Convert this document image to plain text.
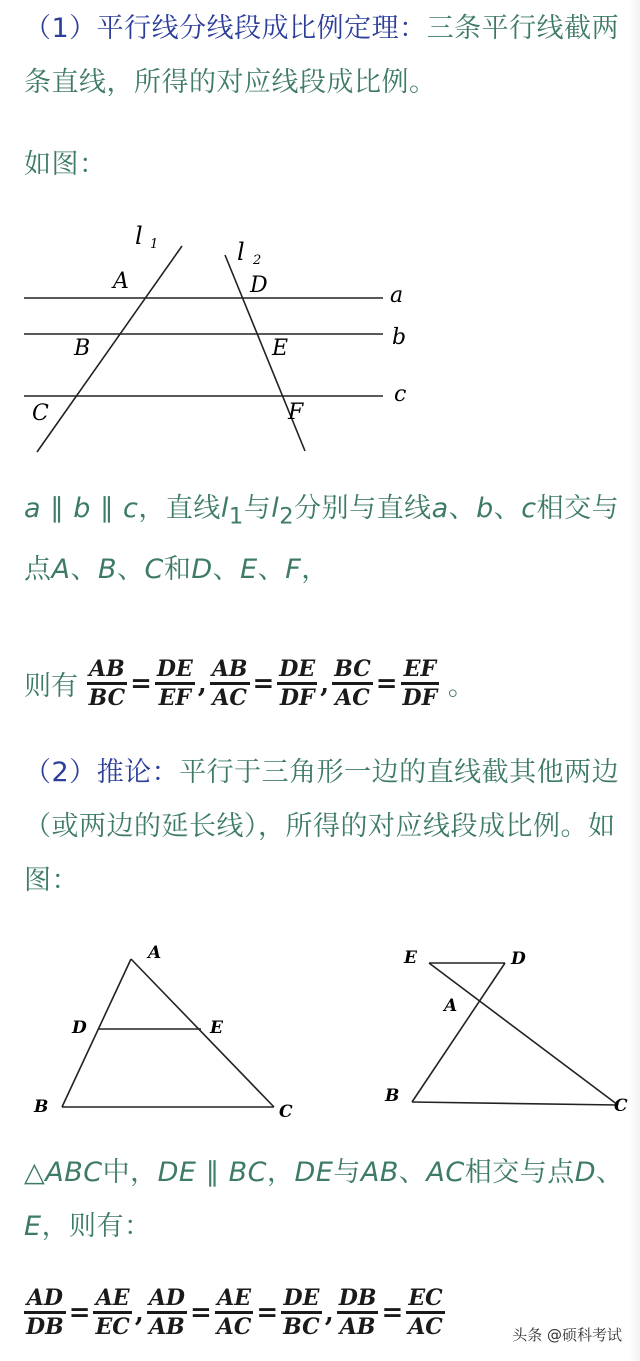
（1）平行线分线段成比例定理：三条平行线截两条直线，所得的对应线段成比例。
如图：
l 1	l 2
A	D	a
B	E	b
C	F
c
a ∥ b ∥ c，直线$l_1$与$l_2$分别与直线a、b、c相交与点A、B、C和D、E、F，
则有 $\frac{AB}{BC} = \frac{DE}{EF}$ , $\frac{AB}{AC} = \frac{DE}{DF}$ , $\frac{BC}{AC} = \frac{EF}{DF}$ 。
（2）推论：平行于三角形一边的直线截其他两边（或两边的延长线），所得的对应线段成比例。如图：
A
D	E
B	C
E	D
A
B	C
△ABC中，DE ∥ BC，DE与AB、AC相交与点D、E，则有：
$\frac{AD}{DB} = \frac{AE}{EC}$ , $\frac{AD}{AB} = \frac{AE}{AC} = \frac{DE}{BC}$ , $\frac{DB}{AB} = \frac{EC}{AC}$	头条 @硕科考试
